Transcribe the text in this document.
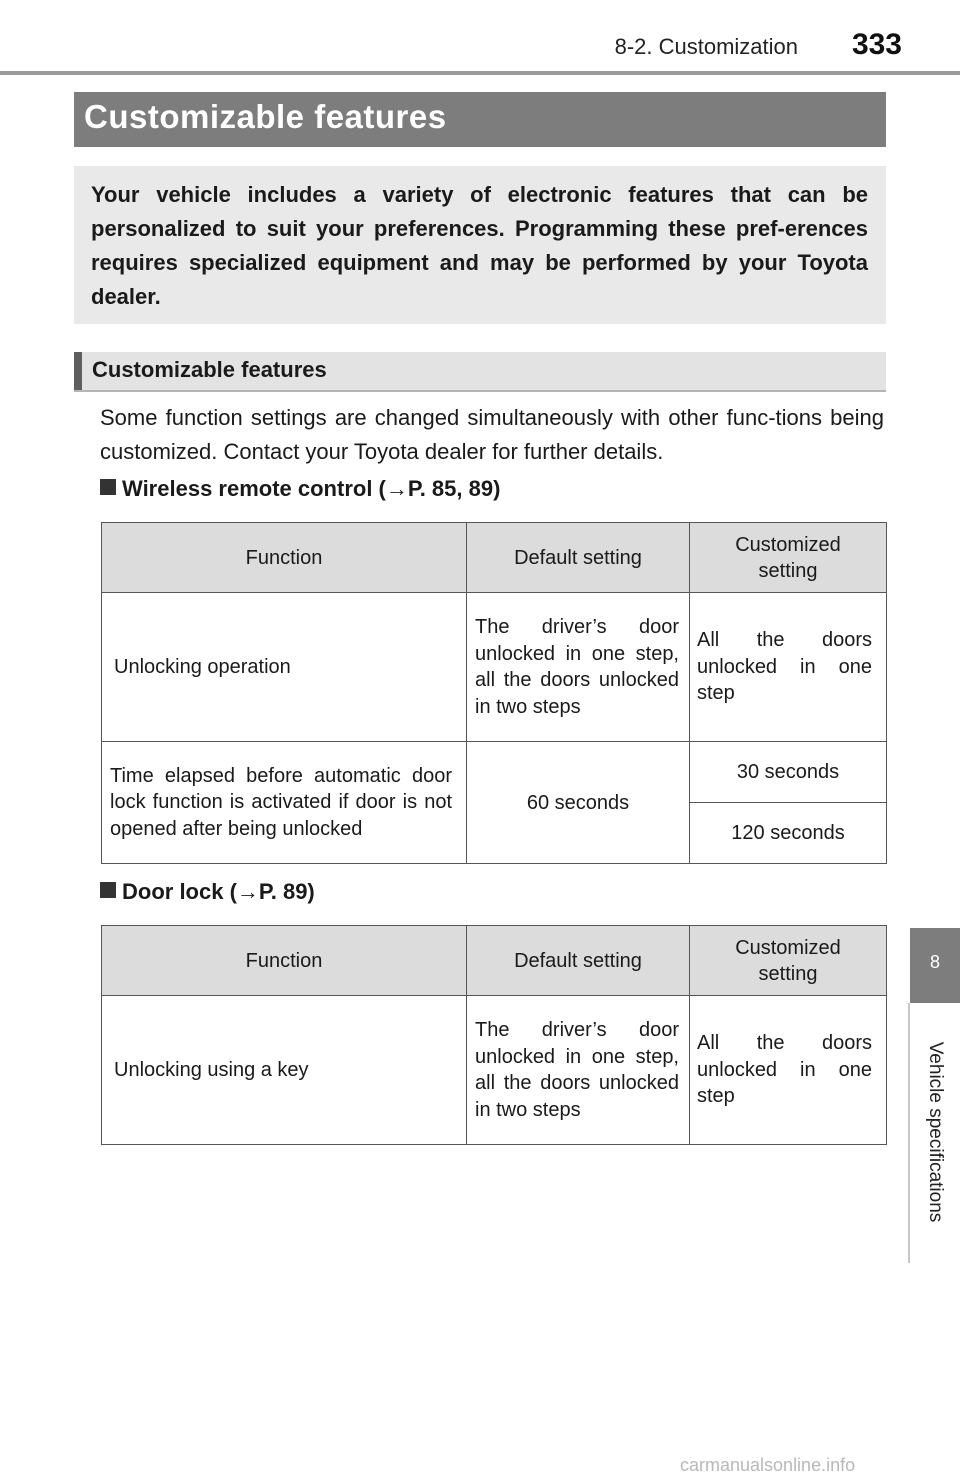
8-2. Customization	333
Customizable features
Your vehicle includes a variety of electronic features that can be personalized to suit your preferences. Programming these pref-erences requires specialized equipment and may be performed by your Toyota dealer.
Customizable features
Some function settings are changed simultaneously with other func-tions being customized. Contact your Toyota dealer for further details.
Wireless remote control (→P. 85, 89)
Function	Default setting	Customized setting
Unlocking operation	The driver’s door unlocked in one step, all the doors unlocked in two steps	All the doors unlocked in one step
Time elapsed before automatic door lock function is activated if door is not opened after being unlocked	60 seconds	30 seconds
		120 seconds
Door lock (→P. 89)
Function	Default setting	Customized setting
Unlocking using a key	The driver’s door unlocked in one step, all the doors unlocked in two steps	All the doors unlocked in one step
8
Vehicle specifications
carmanualsonline.info
